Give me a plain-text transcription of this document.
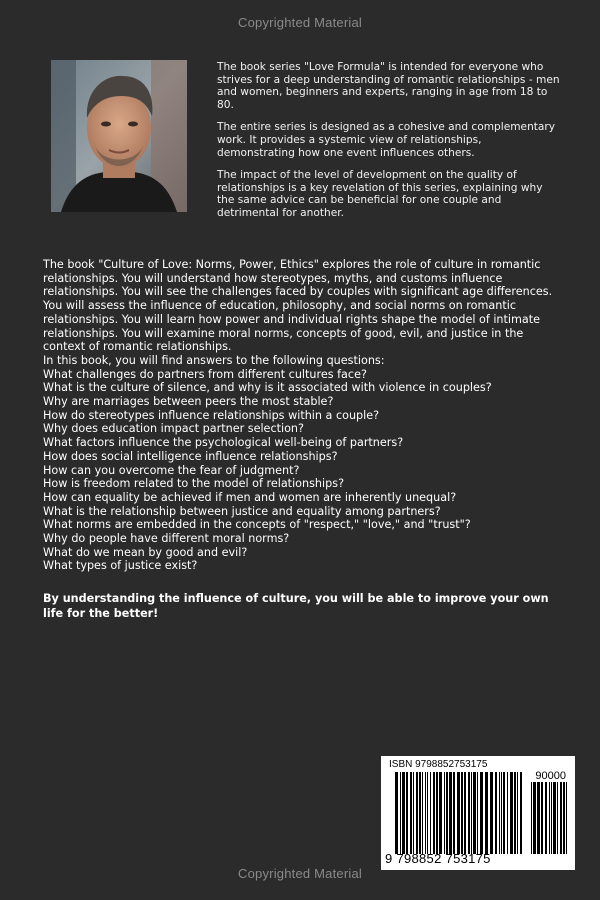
Copyrighted Material

The book series "Love Formula" is intended for everyone who strives for a deep understanding of romantic relationships - men and women, beginners and experts, ranging in age from 18 to 80.

The entire series is designed as a cohesive and complementary work. It provides a systemic view of relationships, demonstrating how one event influences others.

The impact of the level of development on the quality of relationships is a key revelation of this series, explaining why the same advice can be beneficial for one couple and detrimental for another.

The book "Culture of Love: Norms, Power, Ethics" explores the role of culture in romantic relationships. You will understand how stereotypes, myths, and customs influence relationships. You will see the challenges faced by couples with significant age differences. You will assess the influence of education, philosophy, and social norms on romantic relationships. You will learn how power and individual rights shape the model of intimate relationships. You will examine moral norms, concepts of good, evil, and justice in the context of romantic relationships.

In this book, you will find answers to the following questions:

What challenges do partners from different cultures face?
What is the culture of silence, and why is it associated with violence in couples?
Why are marriages between peers the most stable?
How do stereotypes influence relationships within a couple?
Why does education impact partner selection?
What factors influence the psychological well-being of partners?
How does social intelligence influence relationships?
How can you overcome the fear of judgment?
How is freedom related to the model of relationships?
How can equality be achieved if men and women are inherently unequal?
What is the relationship between justice and equality among partners?
What norms are embedded in the concepts of "respect," "love," and "trust"?
Why do people have different moral norms?
What do we mean by good and evil?
What types of justice exist?
By understanding the influence of culture, you will be able to improve your own life for the better!
ISBN 9798852753175
90000
9 798852 753175
Copyrighted Material
